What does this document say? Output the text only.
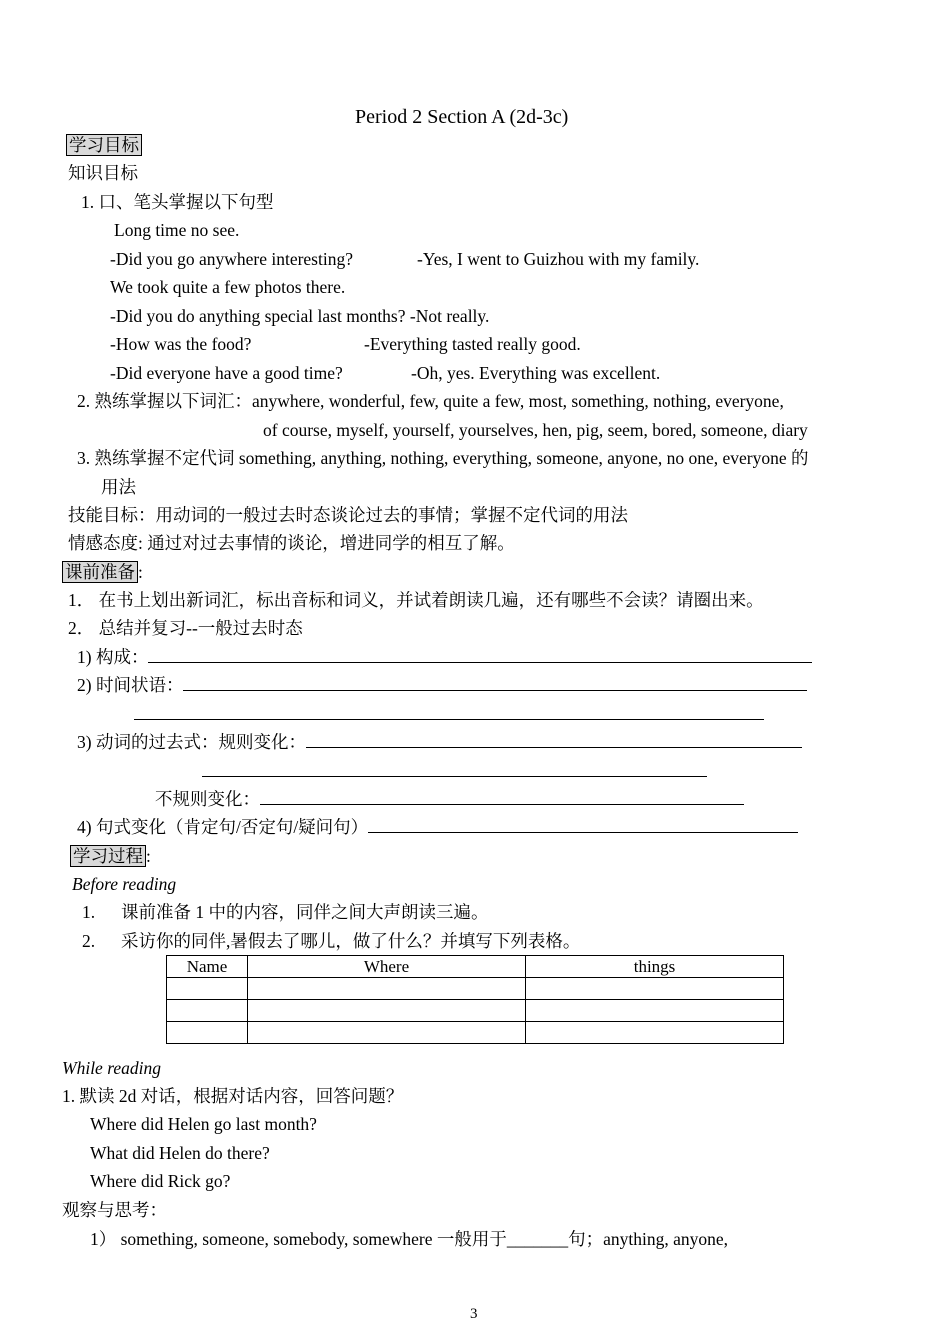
Period 2 Section A (2d-3c)
学习目标
知识目标
1. 口、笔头掌握以下句型
Long time no see.
-Did you go anywhere interesting?	-Yes, I went to Guizhou with my family.
We took quite a few photos there.
-Did you do anything special last months? -Not really.
-How was the food?	-Everything tasted really good.
-Did everyone have a good time?	-Oh, yes. Everything was excellent.
2. 熟练掌握以下词汇：anywhere, wonderful, few, quite a few, most, something, nothing, everyone,
of course, myself, yourself, yourselves, hen, pig, seem, bored, someone, diary
3. 熟练掌握不定代词 something, anything, nothing, everything, someone, anyone, no one, everyone 的
用法
技能目标：用动词的一般过去时态谈论过去的事情；掌握不定代词的用法
情感态度: 通过对过去事情的谈论，增进同学的相互了解。
课前准备 :
1． 在书上划出新词汇，标出音标和词义，并试着朗读几遍，还有哪些不会读？请圈出来。
2． 总结并复习--一般过去时态
1) 构成：
2) 时间状语：
3) 动词的过去式：规则变化：
不规则变化：
4) 句式变化（肯定句/否定句/疑问句）
学习过程 :
Before reading
1. 课前准备 1 中的内容，同伴之间大声朗读三遍。
2. 采访你的同伴,暑假去了哪儿，做了什么？并填写下列表格。
Name	Where	things

While reading
1. 默读 2d 对话，根据对话内容，回答问题？
Where did Helen go last month?
What did Helen do there?
Where did Rick go?
观察与思考：
1） something, someone, somebody, somewhere 一般用于_______句；anything, anyone,
3
